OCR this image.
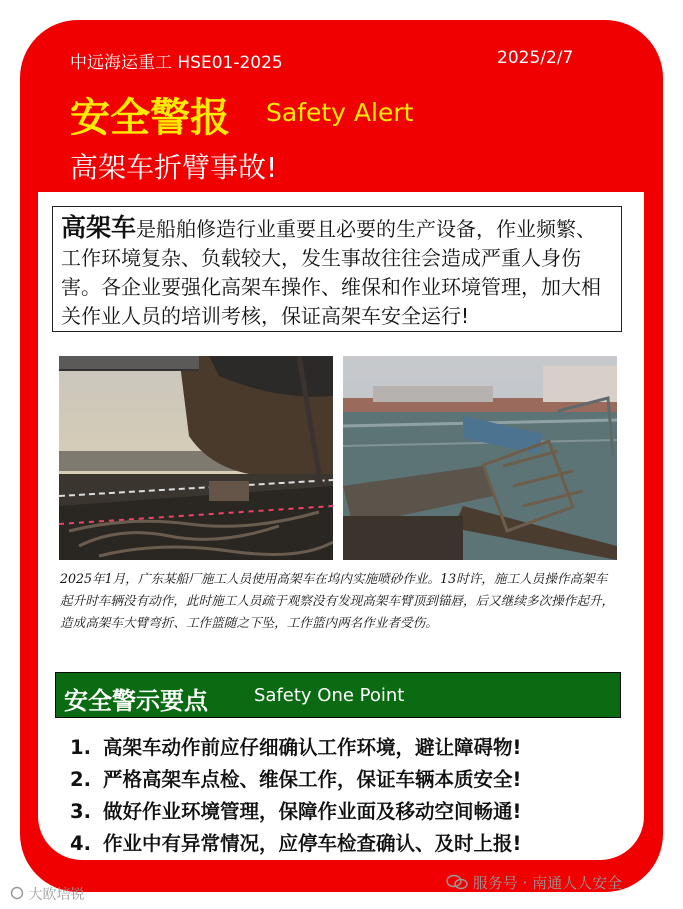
中远海运重工 HSE01-2025	2025/2/7
安全警报 Safety Alert
高架车折臂事故!
高架车是船舶修造行业重要且必要的生产设备，作业频繁、工作环境复杂、负载较大，发生事故往往会造成严重人身伤害。各企业要强化高架车操作、维保和作业环境管理，加大相关作业人员的培训考核，保证高架车安全运行!
2025年1月，广东某船厂施工人员使用高架车在坞内实施喷砂作业。13时许，施工人员操作高架车起升时车辆没有动作，此时施工人员疏于观察没有发现高架车臂顶到锚唇，后又继续多次操作起升，造成高架车大臂弯折、工作篮随之下坠，工作篮内两名作业者受伤。
安全警示要点	Safety One Point
1. 高架车动作前应仔细确认工作环境，避让障碍物!
2. 严格高架车点检、维保工作，保证车辆本质安全!
3. 做好作业环境管理，保障作业面及移动空间畅通!
4. 作业中有异常情况，应停车检查确认、及时上报!
大欧培锐
服务号 · 南通人人安全
